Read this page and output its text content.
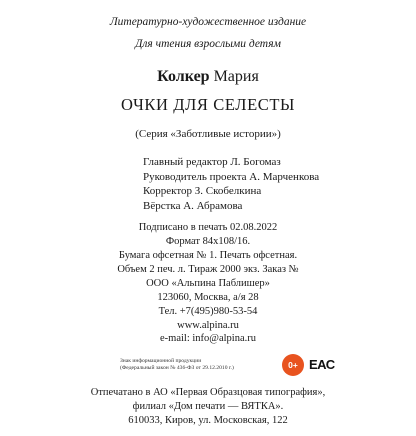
Литературно-художественное издание
Для чтения взрослыми детям
Колкер Мария
ОЧКИ ДЛЯ СЕЛЕСТЫ
(Серия «Заботливые истории»)
Главный редактор Л. Богомаз
Руководитель проекта А. Марченкова
Корректор З. Скобелкина
Вёрстка А. Абрамова
Подписано в печать 02.08.2022
Формат 84х108/16.
Бумага офсетная № 1. Печать офсетная.
Объем 2 печ. л. Тираж 2000 экз. Заказ №
ООО «Альпина Паблишер»
123060, Москва, а/я 28
Тел. +7(495)980-53-54
www.alpina.ru
e-mail: info@alpina.ru
Знак информационной продукции
(Федеральный закон № 436-ФЗ от 29.12.2010 г.)	0+ ЕАС
Отпечатано в АО «Первая Образцовая типография»,
филиал «Дом печати — ВЯТКА».
610033, Киров, ул. Московская, 122
